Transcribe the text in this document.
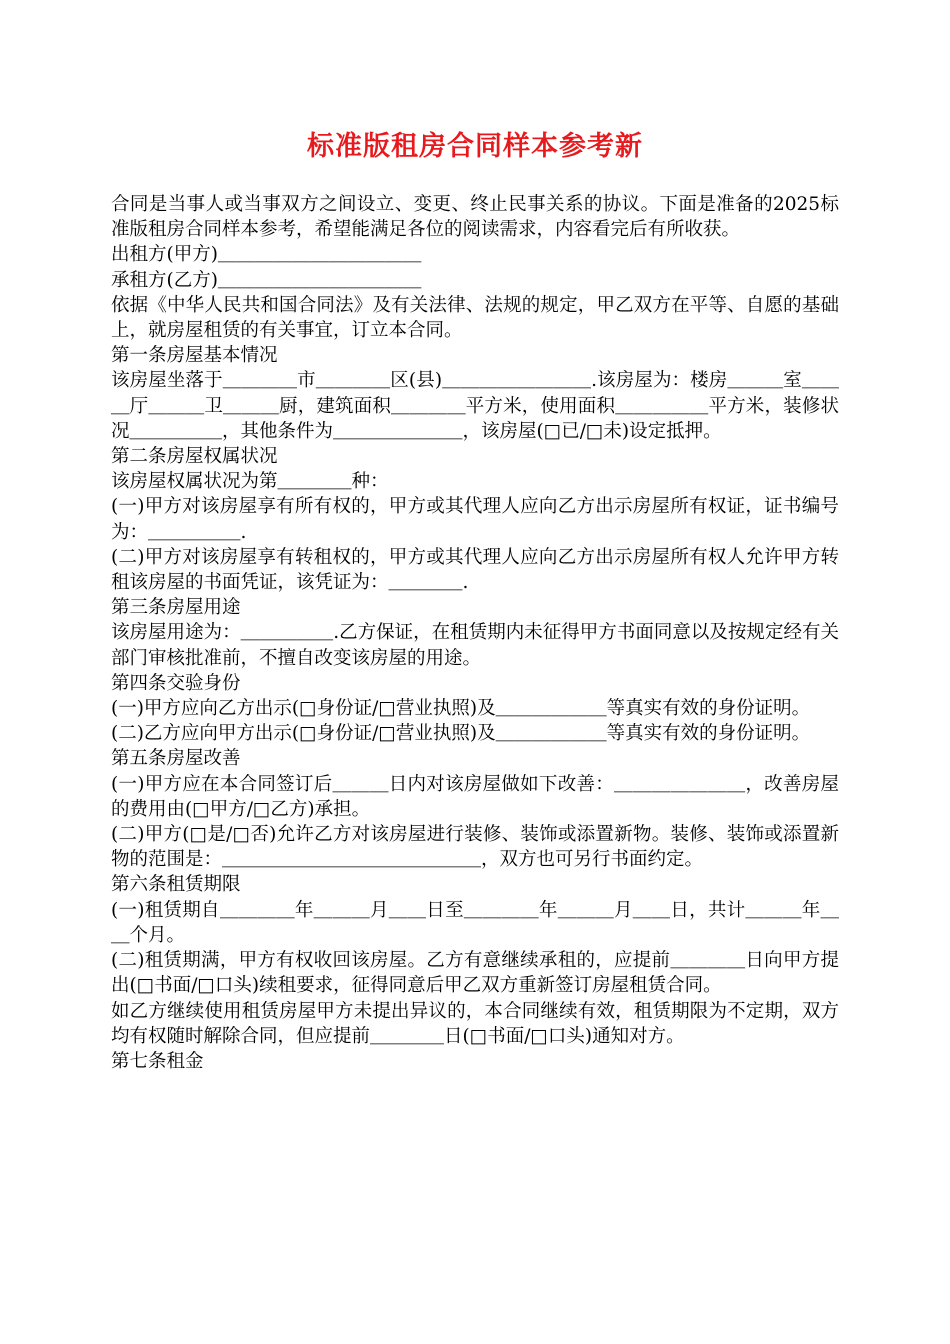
标准版租房合同样本参考新

合同是当事人或当事双方之间设立、变更、终止民事关系的协议。下面是准备的2025标准版租房合同样本参考，希望能满足各位的阅读需求，内容看完后有所收获。

出租方(甲方)＿＿＿＿＿＿＿＿＿＿＿

承租方(乙方)＿＿＿＿＿＿＿＿＿＿＿

依据《中华人民共和国合同法》及有关法律、法规的规定，甲乙双方在平等、自愿的基础上，就房屋租赁的有关事宜，订立本合同。

第一条房屋基本情况

该房屋坐落于＿＿＿＿市＿＿＿＿区(县)＿＿＿＿＿＿＿＿.该房屋为：楼房＿＿＿室＿＿＿厅＿＿＿卫＿＿＿厨，建筑面积＿＿＿＿平方米，使用面积＿＿＿＿＿平方米，装修状况＿＿＿＿＿，其他条件为＿＿＿＿＿＿＿，该房屋(□已/□未)设定抵押。

第二条房屋权属状况

该房屋权属状况为第＿＿＿＿种：

(一)甲方对该房屋享有所有权的，甲方或其代理人应向乙方出示房屋所有权证，证书编号为：＿＿＿＿＿.

(二)甲方对该房屋享有转租权的，甲方或其代理人应向乙方出示房屋所有权人允许甲方转租该房屋的书面凭证，该凭证为：＿＿＿＿.

第三条房屋用途

该房屋用途为：＿＿＿＿＿.乙方保证，在租赁期内未征得甲方书面同意以及按规定经有关部门审核批准前，不擅自改变该房屋的用途。

第四条交验身份

(一)甲方应向乙方出示(□身份证/□营业执照)及＿＿＿＿＿＿等真实有效的身份证明。

(二)乙方应向甲方出示(□身份证/□营业执照)及＿＿＿＿＿＿等真实有效的身份证明。

第五条房屋改善

(一)甲方应在本合同签订后＿＿＿日内对该房屋做如下改善：＿＿＿＿＿＿＿，改善房屋的费用由(□甲方/□乙方)承担。

(二)甲方(□是/□否)允许乙方对该房屋进行装修、装饰或添置新物。装修、装饰或添置新物的范围是：＿＿＿＿＿＿＿＿＿＿＿＿＿＿，双方也可另行书面约定。

第六条租赁期限

(一)租赁期自＿＿＿＿年＿＿＿月＿＿日至＿＿＿＿年＿＿＿月＿＿日，共计＿＿＿年＿＿个月。

(二)租赁期满，甲方有权收回该房屋。乙方有意继续承租的，应提前＿＿＿＿日向甲方提出(□书面/□口头)续租要求，征得同意后甲乙双方重新签订房屋租赁合同。

如乙方继续使用租赁房屋甲方未提出异议的，本合同继续有效，租赁期限为不定期，双方均有权随时解除合同，但应提前＿＿＿＿日(□书面/□口头)通知对方。

第七条租金
